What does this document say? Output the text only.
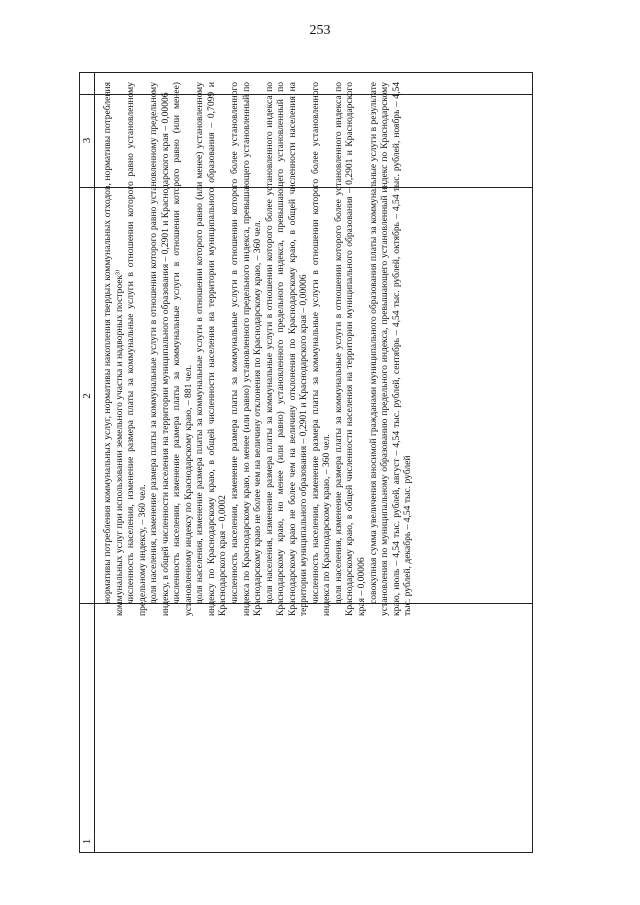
253
1
2
3 нормативы потребления коммунальных услуг, нормативы накопления твердых коммунальных отходов, нормативы потребления коммунальных услуг при использовании земельного участка и надворных построек³⁾ численность населения, изменение размера платы за коммунальные услуги в отношении которого равно установленному предельному индексу, – 360 чел. доля населения, изменение размера платы за коммунальные услуги в отношении которого равно установленному предельному индексу, в общей численности населения на территории муниципального образования – 0,2901 и Краснодарского края – 0,00006 численность населения, изменение размера платы за коммунальные услуги в отношении которого равно (или менее) установленному индексу по Краснодарскому краю, – 881 чел. доля населения, изменение размера платы за коммунальные услуги в отношении которого равно (или менее) установленному индексу по Краснодарскому краю, в общей численности населения на территории муниципального образования – 0,7099 и Краснодарского края – 0,0002 численность населения, изменение размера платы за коммунальные услуги в отношении которого более установленного индекса по Краснодарскому краю, но менее (или равно) установленного предельного индекса, превышающего установленный по Краснодарскому краю не более чем на величину отклонения по Краснодарскому краю, – 360 чел. доля населения, изменение размера платы за коммунальные услуги в отношении которого более установленного индекса по Краснодарскому краю, но менее (или равно) установленного предельного индекса, превышающего установленный по Краснодарскому краю не более чем на величину отклонения по Краснодарскому краю, в общей численности населения на территории муниципального образования – 0,2901 и Краснодарского края – 0,00006 численность населения, изменение размера платы за коммунальные услуги в отношении которого более установленного индекса по Краснодарскому краю, – 360 чел. доля населения, изменение размера платы за коммунальные услуги в отношении которого более установленного индекса по Краснодарскому краю, в общей численности населения на территории муниципального образования – 0,2901 и Краснодарского края – 0,00006 совокупная сумма увеличения вносимой гражданами муниципального образования платы за коммунальные услуги в результате установления по муниципальному образованию предельного индекса, превышающего установленный индекс по Краснодарскому краю, июль – 4,54 тыс. рублей, август – 4,54 тыс. рублей, сентябрь – 4,54 тыс. рублей, октябрь – 4,54 тыс. рублей, ноябрь – 4,54 тыс. рублей, декабрь – 4,54 тыс. рублей
